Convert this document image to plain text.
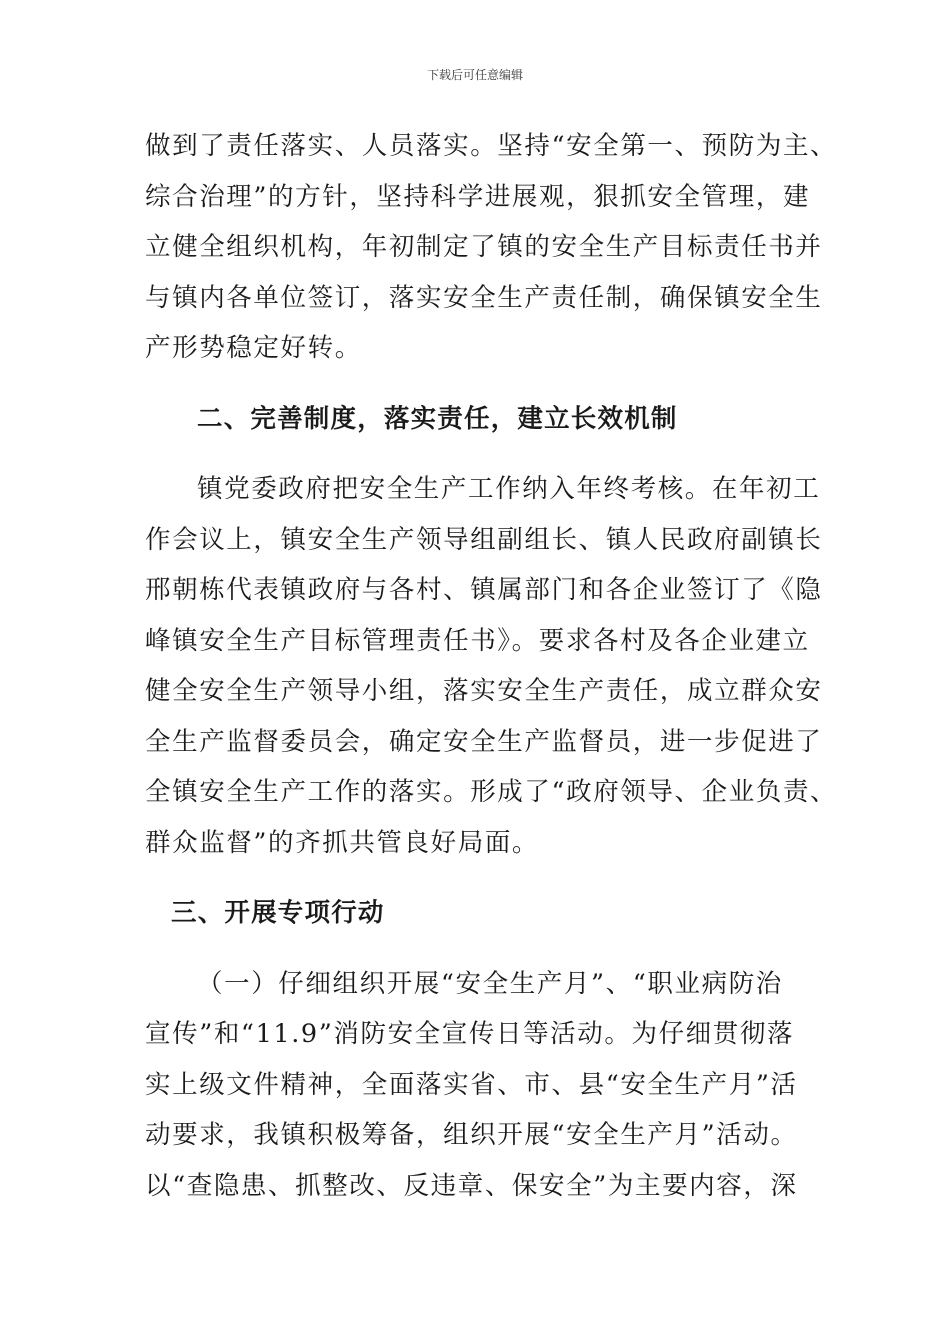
下载后可任意编辑
做到了责任落实、人员落实。坚持“安全第一、预防为主、
综合治理”的方针，坚持科学进展观，狠抓安全管理，建
立健全组织机构，年初制定了镇的安全生产目标责任书并
与镇内各单位签订，落实安全生产责任制，确保镇安全生
产形势稳定好转。
二、完善制度，落实责任，建立长效机制
镇党委政府把安全生产工作纳入年终考核。在年初工
作会议上，镇安全生产领导组副组长、镇人民政府副镇长
邢朝栋代表镇政府与各村、镇属部门和各企业签订了《隐
峰镇安全生产目标管理责任书》。要求各村及各企业建立
健全安全生产领导小组，落实安全生产责任，成立群众安
全生产监督委员会，确定安全生产监督员，进一步促进了
全镇安全生产工作的落实。形成了“政府领导、企业负责、
群众监督”的齐抓共管良好局面。
三、开展专项行动
（一）仔细组织开展“安全生产月”、“职业病防治
宣传”和“11.9”消防安全宣传日等活动。为仔细贯彻落
实上级文件精神，全面落实省、市、县“安全生产月”活
动要求，我镇积极筹备，组织开展“安全生产月”活动。
以“查隐患、抓整改、反违章、保安全”为主要内容，深
